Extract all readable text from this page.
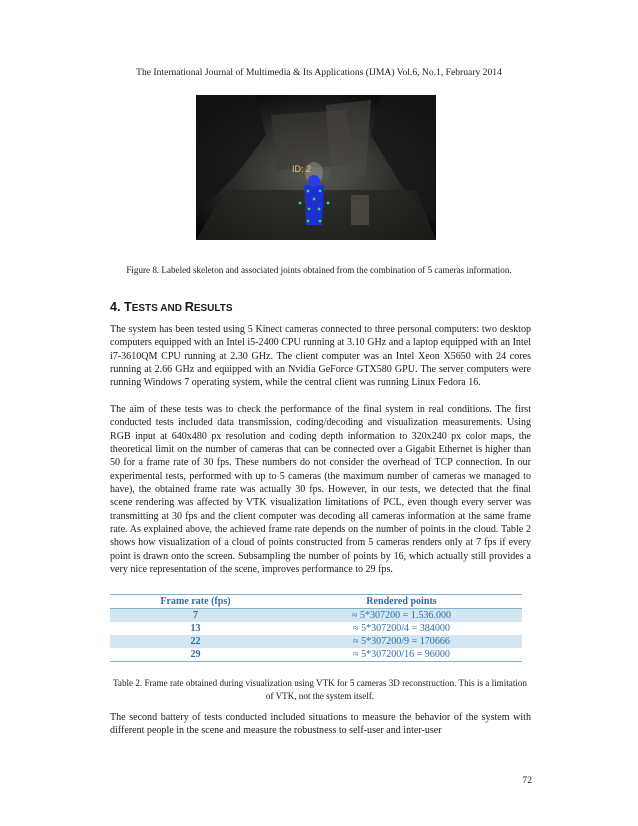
The International Journal of Multimedia & Its Applications (IJMA) Vol.6, No.1, February 2014
ID: 2
Figure 8. Labeled skeleton and associated joints obtained from the combination of 5 cameras information.
4. TESTS AND RESULTS

The system has been tested using 5 Kinect cameras connected to three personal computers: two desktop computers equipped with an Intel i5-2400 CPU running at 3.10 GHz and a laptop equipped with an Intel i7-3610QM CPU running at 2.30 GHz. The client computer was an Intel Xeon X5650 with 24 cores running at 2.66 GHz and equipped with an Nvidia GeForce GTX580 GPU. The server computers were running Windows 7 operating system, while the central client was running Linux Fedora 16.

The aim of these tests was to check the performance of the final system in real conditions. The first conducted tests included data transmission, coding/decoding and visualization measurements. Using RGB input at 640x480 px resolution and coding depth information to 320x240 px color maps, the theoretical limit on the number of cameras that can be connected over a Gigabit Ethernet is higher than 50 for a frame rate of 30 fps. These numbers do not consider the overhead of TCP connection. In our experimental tests, performed with up to 5 cameras (the maximum number of cameras we managed to have), the obtained frame rate was actually 30 fps. However, in our tests, we detected that the final scene rendering was affected by VTK visualization limitations of PCL, even though every server was transmitting at 30 fps and the client computer was decoding all cameras information at the same frame rate. As explained above, the achieved frame rate depends on the number of points in the cloud. Table 2 shows how visualization of a cloud of points constructed from 5 cameras renders only at 7 fps if every point is drawn onto the screen. Subsampling the number of points by 16, which actually still provides a very nice representation of the scene, improves performance to 29 fps.

Frame rate (fps)	Rendered points
7	≈ 5*307200 = 1.536.000
13	≈ 5*307200/4 = 384000
22	≈ 5*307200/9 = 170666
29	≈ 5*307200/16 = 96000
Table 2. Frame rate obtained during visualization using VTK for 5 cameras 3D reconstruction. This is a limitation of VTK, not the system itself.

The second battery of tests conducted included situations to measure the behavior of the system with different people in the scene and measure the robustness to self-user and inter-user

72
